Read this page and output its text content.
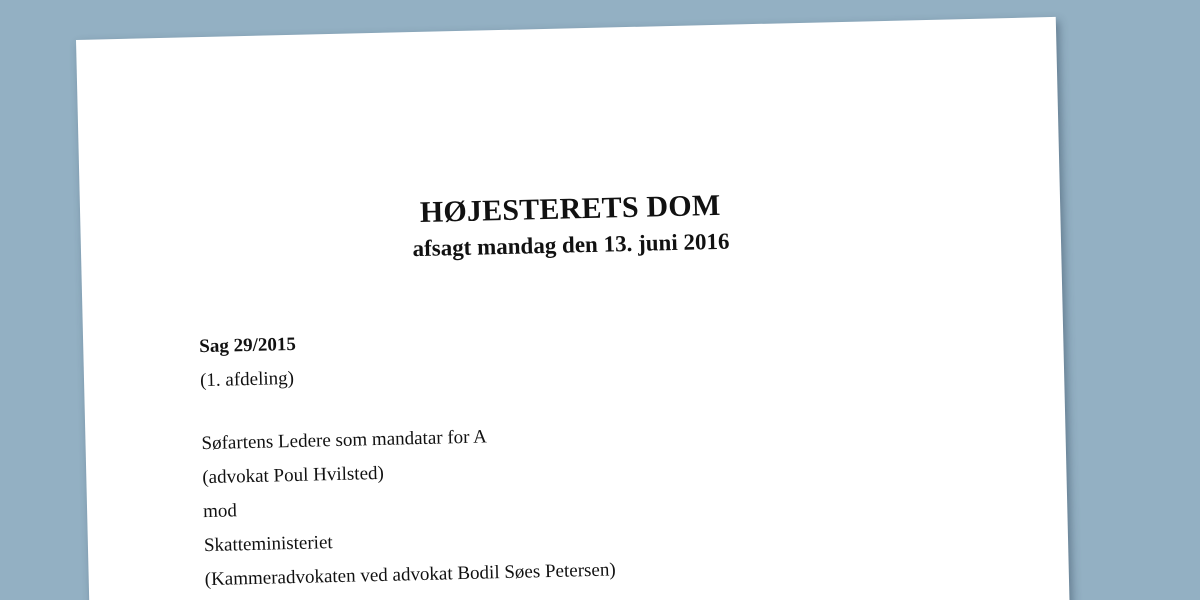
HØJESTERETS DOM
afsagt mandag den 13. juni 2016
Sag 29/2015
(1. afdeling)
Søfartens Ledere som mandatar for A
(advokat Poul Hvilsted)
mod
Skatteministeriet
(Kammeradvokaten ved advokat Bodil Søes Petersen)
